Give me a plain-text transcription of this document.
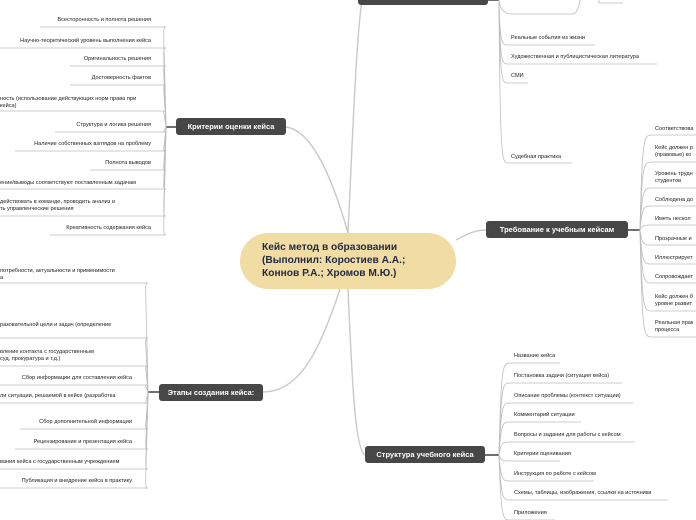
Кейс метод в образовании
(Выполнил: Коростиев А.А.;
Коннов Р.А.; Хромов М.Ю.)
Критерии оценки кейса
Этапы создания кейса:
Требование к учебным кейсам
Структура учебного кейса
Всесторонность и полнота решения
Научно-теоретический уровень выполнения кейса
Оригинальность решения
Достоверность фактов
ность (использование действующих норм права при
кейса)
Структура и логика решения
Наличие собственных взглядов на проблему
Полнота выводов
ение/выводы соответствуют поставленным задачам
действовать в команде, проводить анализ и
ть управленческие решения
Креативность содержания кейса
потребности, актуальности и применимости
а
разовательной цели и задач (определение
вление контакта с государственным
суд, прокуратура и т.д.)
Сбор информации для составления кейса
ли ситуации, решаемой в кейсе (разработка
Сбор дополнительной информации
Рецензирование и презентация кейса
вания кейса с государственным учреждением
Публикация и внедрение кейса в практику
Судебная практика
Реальные события из жизни
Художественная и публицистическая литература
СМИ
Соответствова
Кейс должен р
(правовые) ко
Уровень трудн
студентов
Соблюдена до
Иметь нескол
Прозрачные и
Иллюстрирует
Сопровождает
Кейс должен б
уровне развит
Реальная прак
процесса
Название кейса
Постановка задачи (ситуация кейса)
Описание проблемы (контекст ситуации)
Комментарий ситуации
Вопросы и задания для работы с кейсом
Критерии оценивания
Инструкция по работе с кейсом
Схемы, таблицы, изображения, ссылки на источники
Приложения
